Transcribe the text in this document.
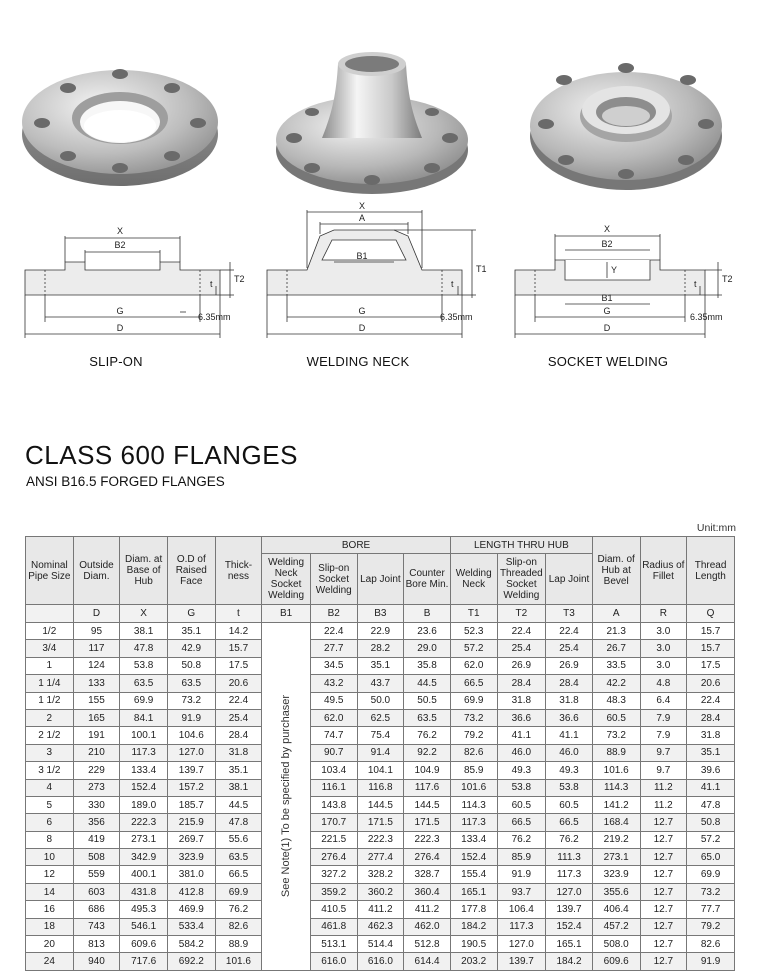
X
B2
G
D
t T2
6.35mm
X
A
B1
G
D
t
T1
6.35mm
X
B2
Y
B1
G
D
t	T2
6.35mm
SLIP-ON	WELDING NECK	SOCKET WELDING
CLASS 600 FLANGES
ANSI B16.5 FORGED FLANGES
Unit:mm
Nominal Pipe Size	Outside Diam.	Diam. at Base of Hub	O.D of Raised Face	Thick- ness	BORE				LENGTH THRU HUB			Diam. of Hub at Bevel	Radius of Fillet	Thread Length
					Welding Neck Socket Welding	Slip-on Socket Welding	Lap Joint	Counter Bore Min.	Welding Neck	Slip-on Threaded Socket Welding	Lap Joint			
	D	X	G	t	B1	B2	B3	B	T1	T2	T3	A	R	Q
1/2	95	38.1	35.1	14.2	See Note(1) To be specified by purchaser	22.4	22.9	23.6	52.3	22.4	22.4	21.3	3.0	15.7
3/4	117	47.8	42.9	15.7		27.7	28.2	29.0	57.2	25.4	25.4	26.7	3.0	15.7
1	124	53.8	50.8	17.5		34.5	35.1	35.8	62.0	26.9	26.9	33.5	3.0	17.5
1 1/4	133	63.5	63.5	20.6		43.2	43.7	44.5	66.5	28.4	28.4	42.2	4.8	20.6
1 1/2	155	69.9	73.2	22.4		49.5	50.0	50.5	69.9	31.8	31.8	48.3	6.4	22.4
2	165	84.1	91.9	25.4		62.0	62.5	63.5	73.2	36.6	36.6	60.5	7.9	28.4
2 1/2	191	100.1	104.6	28.4		74.7	75.4	76.2	79.2	41.1	41.1	73.2	7.9	31.8
3	210	117.3	127.0	31.8		90.7	91.4	92.2	82.6	46.0	46.0	88.9	9.7	35.1
3 1/2	229	133.4	139.7	35.1		103.4	104.1	104.9	85.9	49.3	49.3	101.6	9.7	39.6
4	273	152.4	157.2	38.1		116.1	116.8	117.6	101.6	53.8	53.8	114.3	11.2	41.1
5	330	189.0	185.7	44.5		143.8	144.5	144.5	114.3	60.5	60.5	141.2	11.2	47.8
6	356	222.3	215.9	47.8		170.7	171.5	171.5	117.3	66.5	66.5	168.4	12.7	50.8
8	419	273.1	269.7	55.6		221.5	222.3	222.3	133.4	76.2	76.2	219.2	12.7	57.2
10	508	342.9	323.9	63.5		276.4	277.4	276.4	152.4	85.9	111.3	273.1	12.7	65.0
12	559	400.1	381.0	66.5		327.2	328.2	328.7	155.4	91.9	117.3	323.9	12.7	69.9
14	603	431.8	412.8	69.9		359.2	360.2	360.4	165.1	93.7	127.0	355.6	12.7	73.2
16	686	495.3	469.9	76.2		410.5	411.2	411.2	177.8	106.4	139.7	406.4	12.7	77.7
18	743	546.1	533.4	82.6		461.8	462.3	462.0	184.2	117.3	152.4	457.2	12.7	79.2
20	813	609.6	584.2	88.9		513.1	514.4	512.8	190.5	127.0	165.1	508.0	12.7	82.6
24	940	717.6	692.2	101.6		616.0	616.0	614.4	203.2	139.7	184.2	609.6	12.7	91.9
